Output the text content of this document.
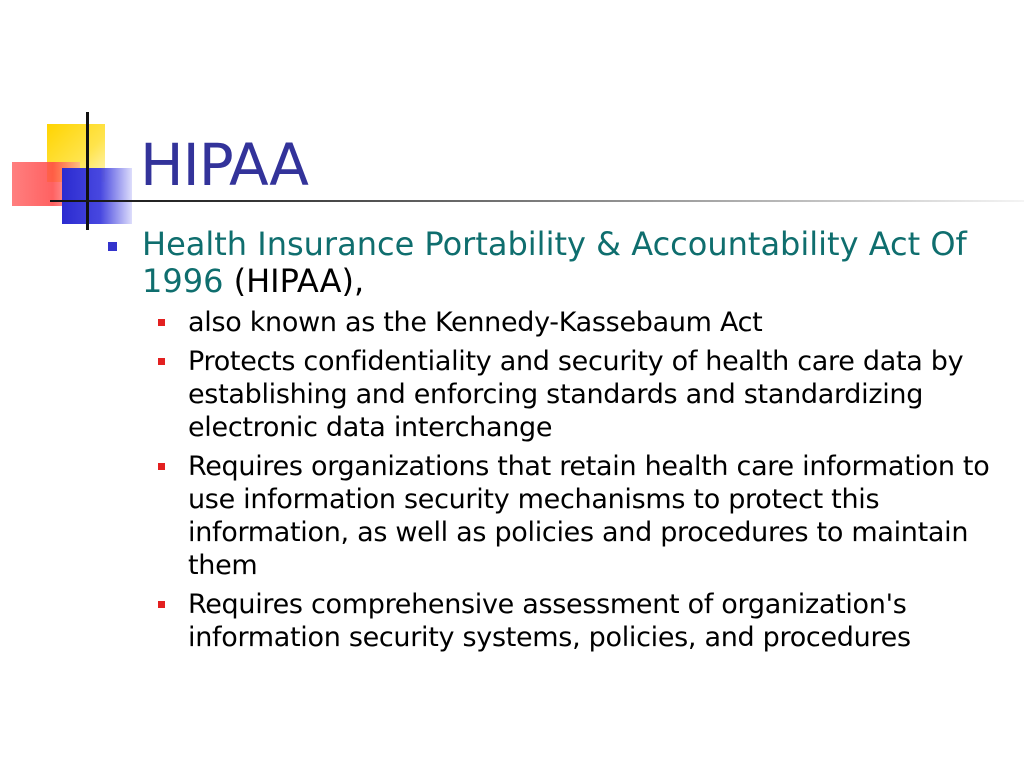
HIPAA
Health Insurance Portability & Accountability Act Of 1996 (HIPAA),
also known as the Kennedy-Kassebaum Act
Protects confidentiality and security of health care data by establishing and enforcing standards and standardizing electronic data interchange
Requires organizations that retain health care information to use information security mechanisms to protect this information, as well as policies and procedures to maintain them
Requires comprehensive assessment of organization's information security systems, policies, and procedures
